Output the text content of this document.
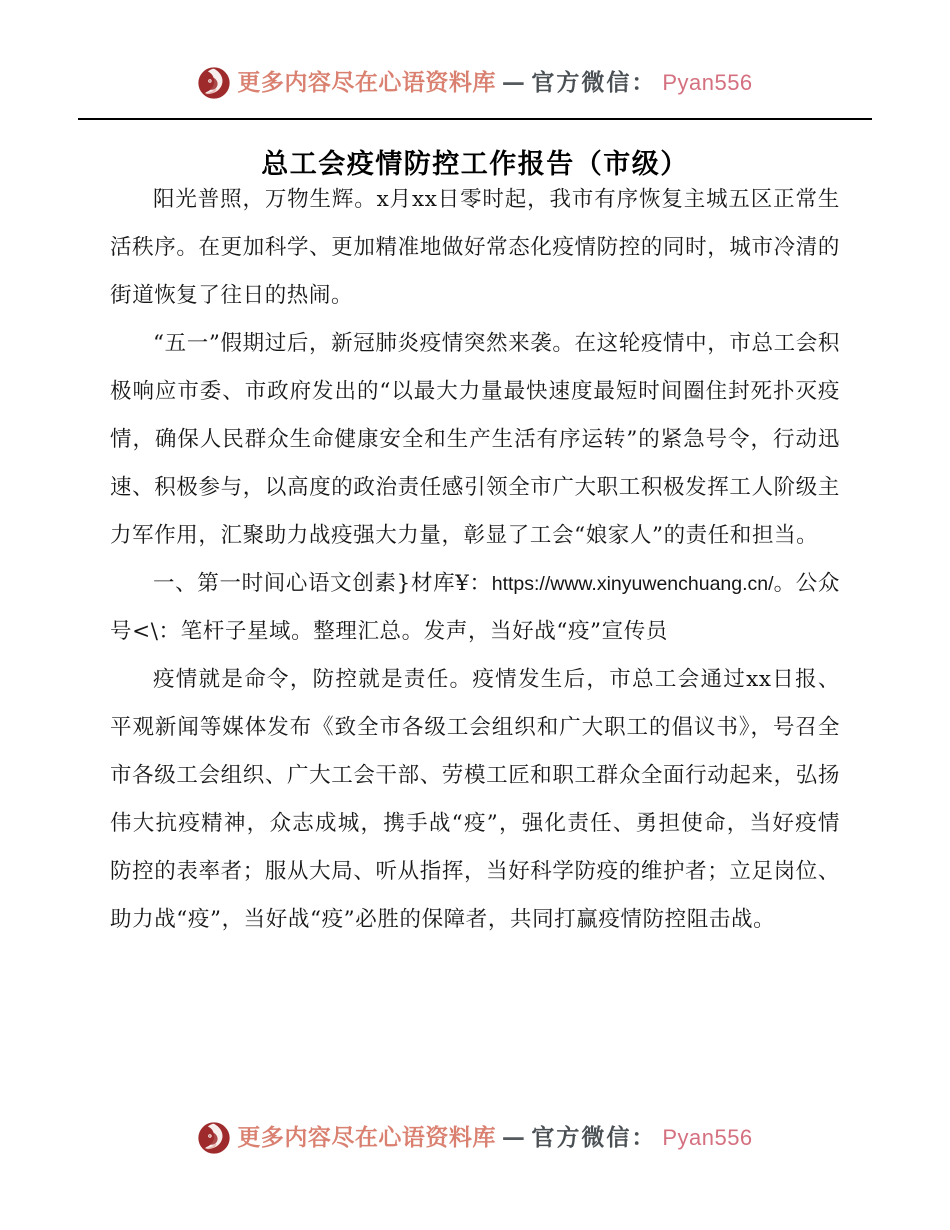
更多内容尽在心语资料库 — 官方微信： Pyan556
总工会疫情防控工作报告（市级）

阳光普照，万物生辉。x月xx日零时起，我市有序恢复主城五区正常生活秩序。在更加科学、更加精准地做好常态化疫情防控的同时，城市冷清的街道恢复了往日的热闹。

“五一”假期过后，新冠肺炎疫情突然来袭。在这轮疫情中，市总工会积极响应市委、市政府发出的“以最大力量最快速度最短时间圈住封死扑灭疫情，确保人民群众生命健康安全和生产生活有序运转”的紧急号令，行动迅速、积极参与，以高度的政治责任感引领全市广大职工积极发挥工人阶级主力军作用，汇聚助力战疫强大力量，彰显了工会“娘家人”的责任和担当。

一、第一时间心语文创素}材库¥：https://www.xinyuwenchuang.cn/。公众号<\：笔杆子星域。整理汇总。发声，当好战“疫”宣传员

疫情就是命令，防控就是责任。疫情发生后，市总工会通过xx日报、平观新闻等媒体发布《致全市各级工会组织和广大职工的倡议书》，号召全市各级工会组织、广大工会干部、劳模工匠和职工群众全面行动起来，弘扬伟大抗疫精神，众志成城，携手战“疫”，强化责任、勇担使命，当好疫情防控的表率者；服从大局、听从指挥，当好科学防疫的维护者；立足岗位、助力战“疫”，当好战“疫”必胜的保障者，共同打赢疫情防控阻击战。

更多内容尽在心语资料库 — 官方微信： Pyan556
